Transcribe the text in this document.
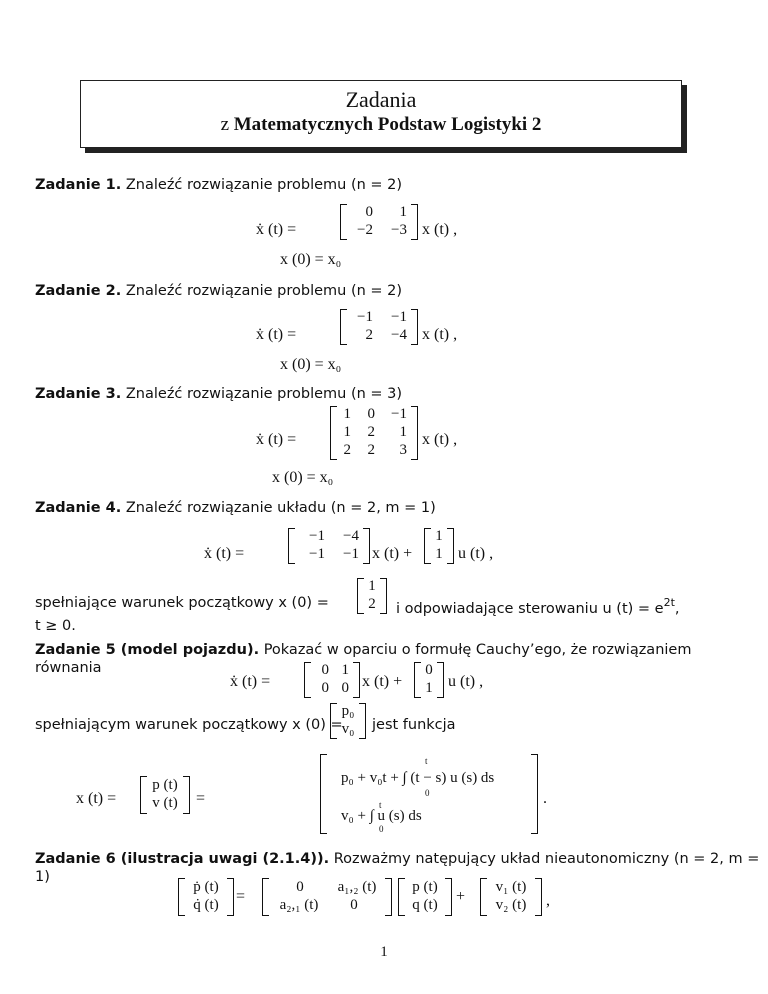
Zadania
z Matematycznych Podstaw Logistyki 2
Zadanie 1. Znaleźć rozwiązanie problemu (n = 2)
ẋ (t) =
0 1
−2 −3 x (t) ,
x (0) = x₀
Zadanie 2. Znaleźć rozwiązanie problemu (n = 2)
ẋ (t) =
−1 −1
2 −4 x (t) ,
x (0) = x₀
Zadanie 3. Znaleźć rozwiązanie problemu (n = 3)
ẋ (t) =
1 0 −1
1 2 1
2 2 3
x (t) ,
x (0) = x₀
Zadanie 4. Znaleźć rozwiązanie układu (n = 2, m = 1)
ẋ (t) =
−1 −4
−1 −1 x (t) +
1
1 u (t) ,
spełniające warunek początkowy x (0) =
1
2	i odpowiadające sterowaniu u $(t) = e^{2t}$,
t ≥ 0.
Zadanie 5 (model pojazdu). Pokazać w oparciu o formułę Cauchy’ego, że rozwiązaniem
równania
ẋ (t) =
0 1
0 0 x (t) +
0
1 u (t) ,
spełniającym warunek początkowy x (0) =
p₀
v₀	jest funkcja
x (t) =
p (t)
v (t)	=
p₀ + v₀t + ∫ (t − s) u (s) ds
t
0
v₀ + ∫ u (s) ds
t
0
.
Zadanie 6 (ilustracja uwagi (2.1.4)). Rozważmy natępujący układ nieautonomiczny (n = 2, m = 1)
ṗ (t)
q̇ (t)	=
0	a₁,₂ (t)
a₂,₁ (t)	0
p (t)
q (t)	+
v₁ (t)
v₂ (t)	,
1
